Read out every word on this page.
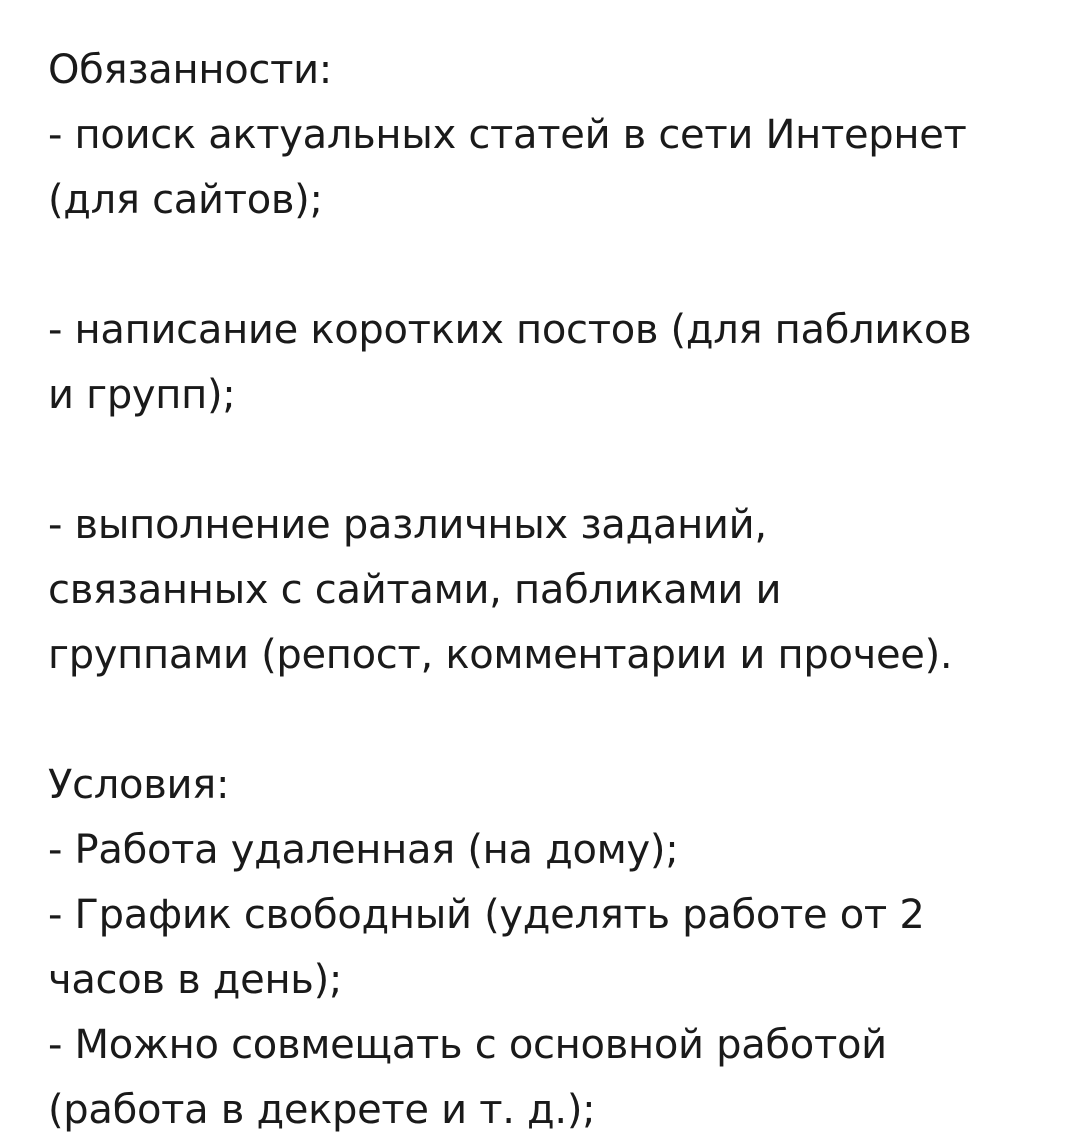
Обязанности:
- поиск актуальных статей в сети Интернет
(для сайтов);
- написание коротких постов (для пабликов
и групп);
- выполнение различных заданий,
связанных с сайтами, пабликами и
группами (репост, комментарии и прочее).
Условия:
- Работа удаленная (на дому);
- График свободный (уделять работе от 2
часов в день);
- Можно совмещать с основной работой
(работа в декрете и т. д.);
